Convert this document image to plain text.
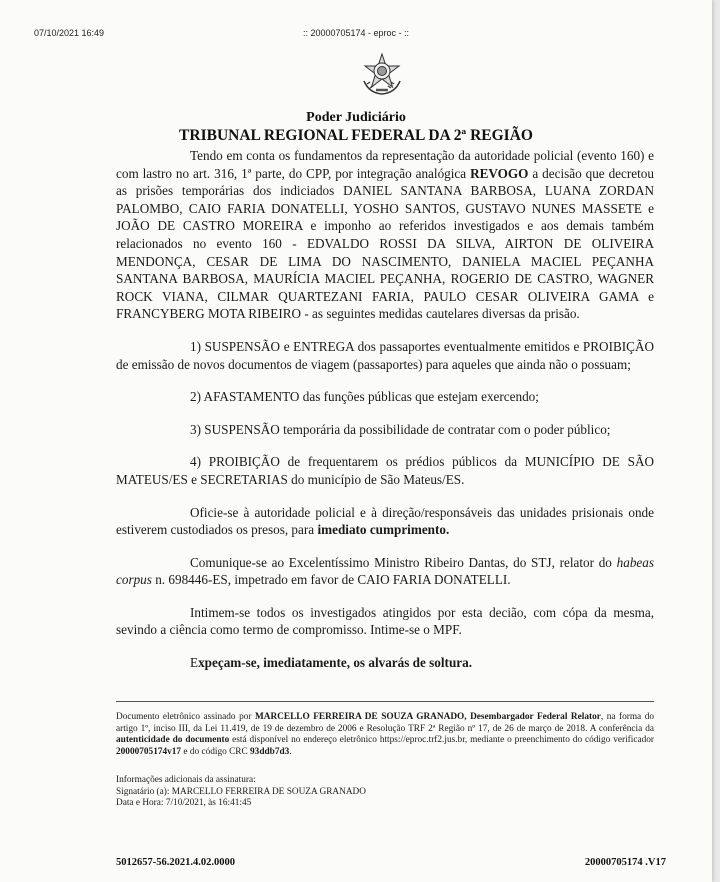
07/10/2021 16:49	:: 20000705174 - eproc - ::
Poder Judiciário
TRIBUNAL REGIONAL FEDERAL DA 2ª REGIÃO

Tendo em conta os fundamentos da representação da autoridade policial (evento 160) e com lastro no art. 316, 1ª parte, do CPP, por integração analógica REVOGO a decisão que decretou as prisões temporárias dos indiciados DANIEL SANTANA BARBOSA, LUANA ZORDAN PALOMBO, CAIO FARIA DONATELLI, YOSHO SANTOS, GUSTAVO NUNES MASSETE e JOÃO DE CASTRO MOREIRA e imponho ao referidos investigados e aos demais também relacionados no evento 160 - EDVALDO ROSSI DA SILVA, AIRTON DE OLIVEIRA MENDONÇA, CESAR DE LIMA DO NASCIMENTO, DANIELA MACIEL PEÇANHA SANTANA BARBOSA, MAURÍCIA MACIEL PEÇANHA, ROGERIO DE CASTRO, WAGNER ROCK VIANA, CILMAR QUARTEZANI FARIA, PAULO CESAR OLIVEIRA GAMA e FRANCYBERG MOTA RIBEIRO - as seguintes medidas cautelares diversas da prisão.

1) SUSPENSÃO e ENTREGA dos passaportes eventualmente emitidos e PROIBIÇÃO de emissão de novos documentos de viagem (passaportes) para aqueles que ainda não o possuam;

2) AFASTAMENTO das funções públicas que estejam exercendo;

3) SUSPENSÃO temporária da possibilidade de contratar com o poder público;

4) PROIBIÇÃO de frequentarem os prédios públicos da MUNICÍPIO DE SÃO MATEUS/ES e SECRETARIAS do município de São Mateus/ES.

Oficie-se à autoridade policial e à direção/responsáveis das unidades prisionais onde estiverem custodiados os presos, para imediato cumprimento.

Comunique-se ao Excelentíssimo Ministro Ribeiro Dantas, do STJ, relator do habeas corpus n. 698446-ES, impetrado em favor de CAIO FARIA DONATELLI.

Intimem-se todos os investigados atingidos por esta decião, com cópa da mesma, sevindo a ciência como termo de compromisso. Intime-se o MPF.

Expeçam-se, imediatamente, os alvarás de soltura.

Documento eletrônico assinado por MARCELLO FERREIRA DE SOUZA GRANADO, Desembargador Federal Relator, na forma do artigo 1º, inciso III, da Lei 11.419, de 19 de dezembro de 2006 e Resolução TRF 2ª Região nº 17, de 26 de março de 2018. A conferência da autenticidade do documento está disponível no endereço eletrônico https://eproc.trf2.jus.br, mediante o preenchimento do código verificador 20000705174v17 e do código CRC 93ddb7d3.
Informações adicionais da assinatura:
Signatário (a): MARCELLO FERREIRA DE SOUZA GRANADO
Data e Hora: 7/10/2021, às 16:41:45
5012657-56.2021.4.02.0000	20000705174 .V17
